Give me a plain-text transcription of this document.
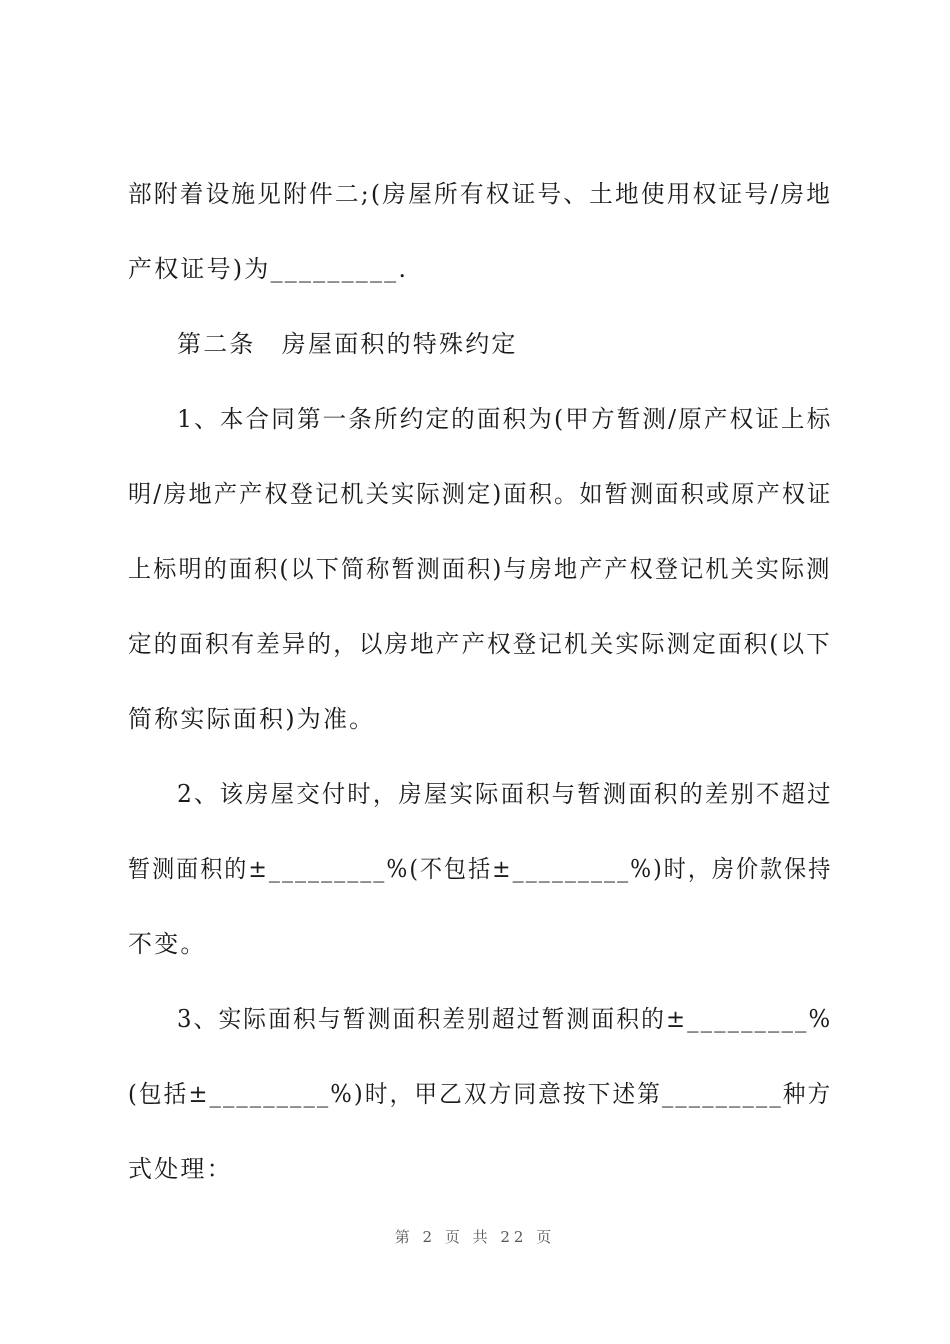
部附着设施见附件二;(房屋所有权证号、土地使用权证号/房地
产权证号)为_________.
第二条　房屋面积的特殊约定
1、本合同第一条所约定的面积为(甲方暂测/原产权证上标
明/房地产产权登记机关实际测定)面积。如暂测面积或原产权证
上标明的面积(以下简称暂测面积)与房地产产权登记机关实际测
定的面积有差异的，以房地产产权登记机关实际测定面积(以下
简称实际面积)为准。
2、该房屋交付时，房屋实际面积与暂测面积的差别不超过
暂测面积的±_________%(不包括±_________%)时，房价款保持
不变。
3、实际面积与暂测面积差别超过暂测面积的±_________%
(包括±_________%)时，甲乙双方同意按下述第_________种方
式处理：
第 2 页 共 22 页
